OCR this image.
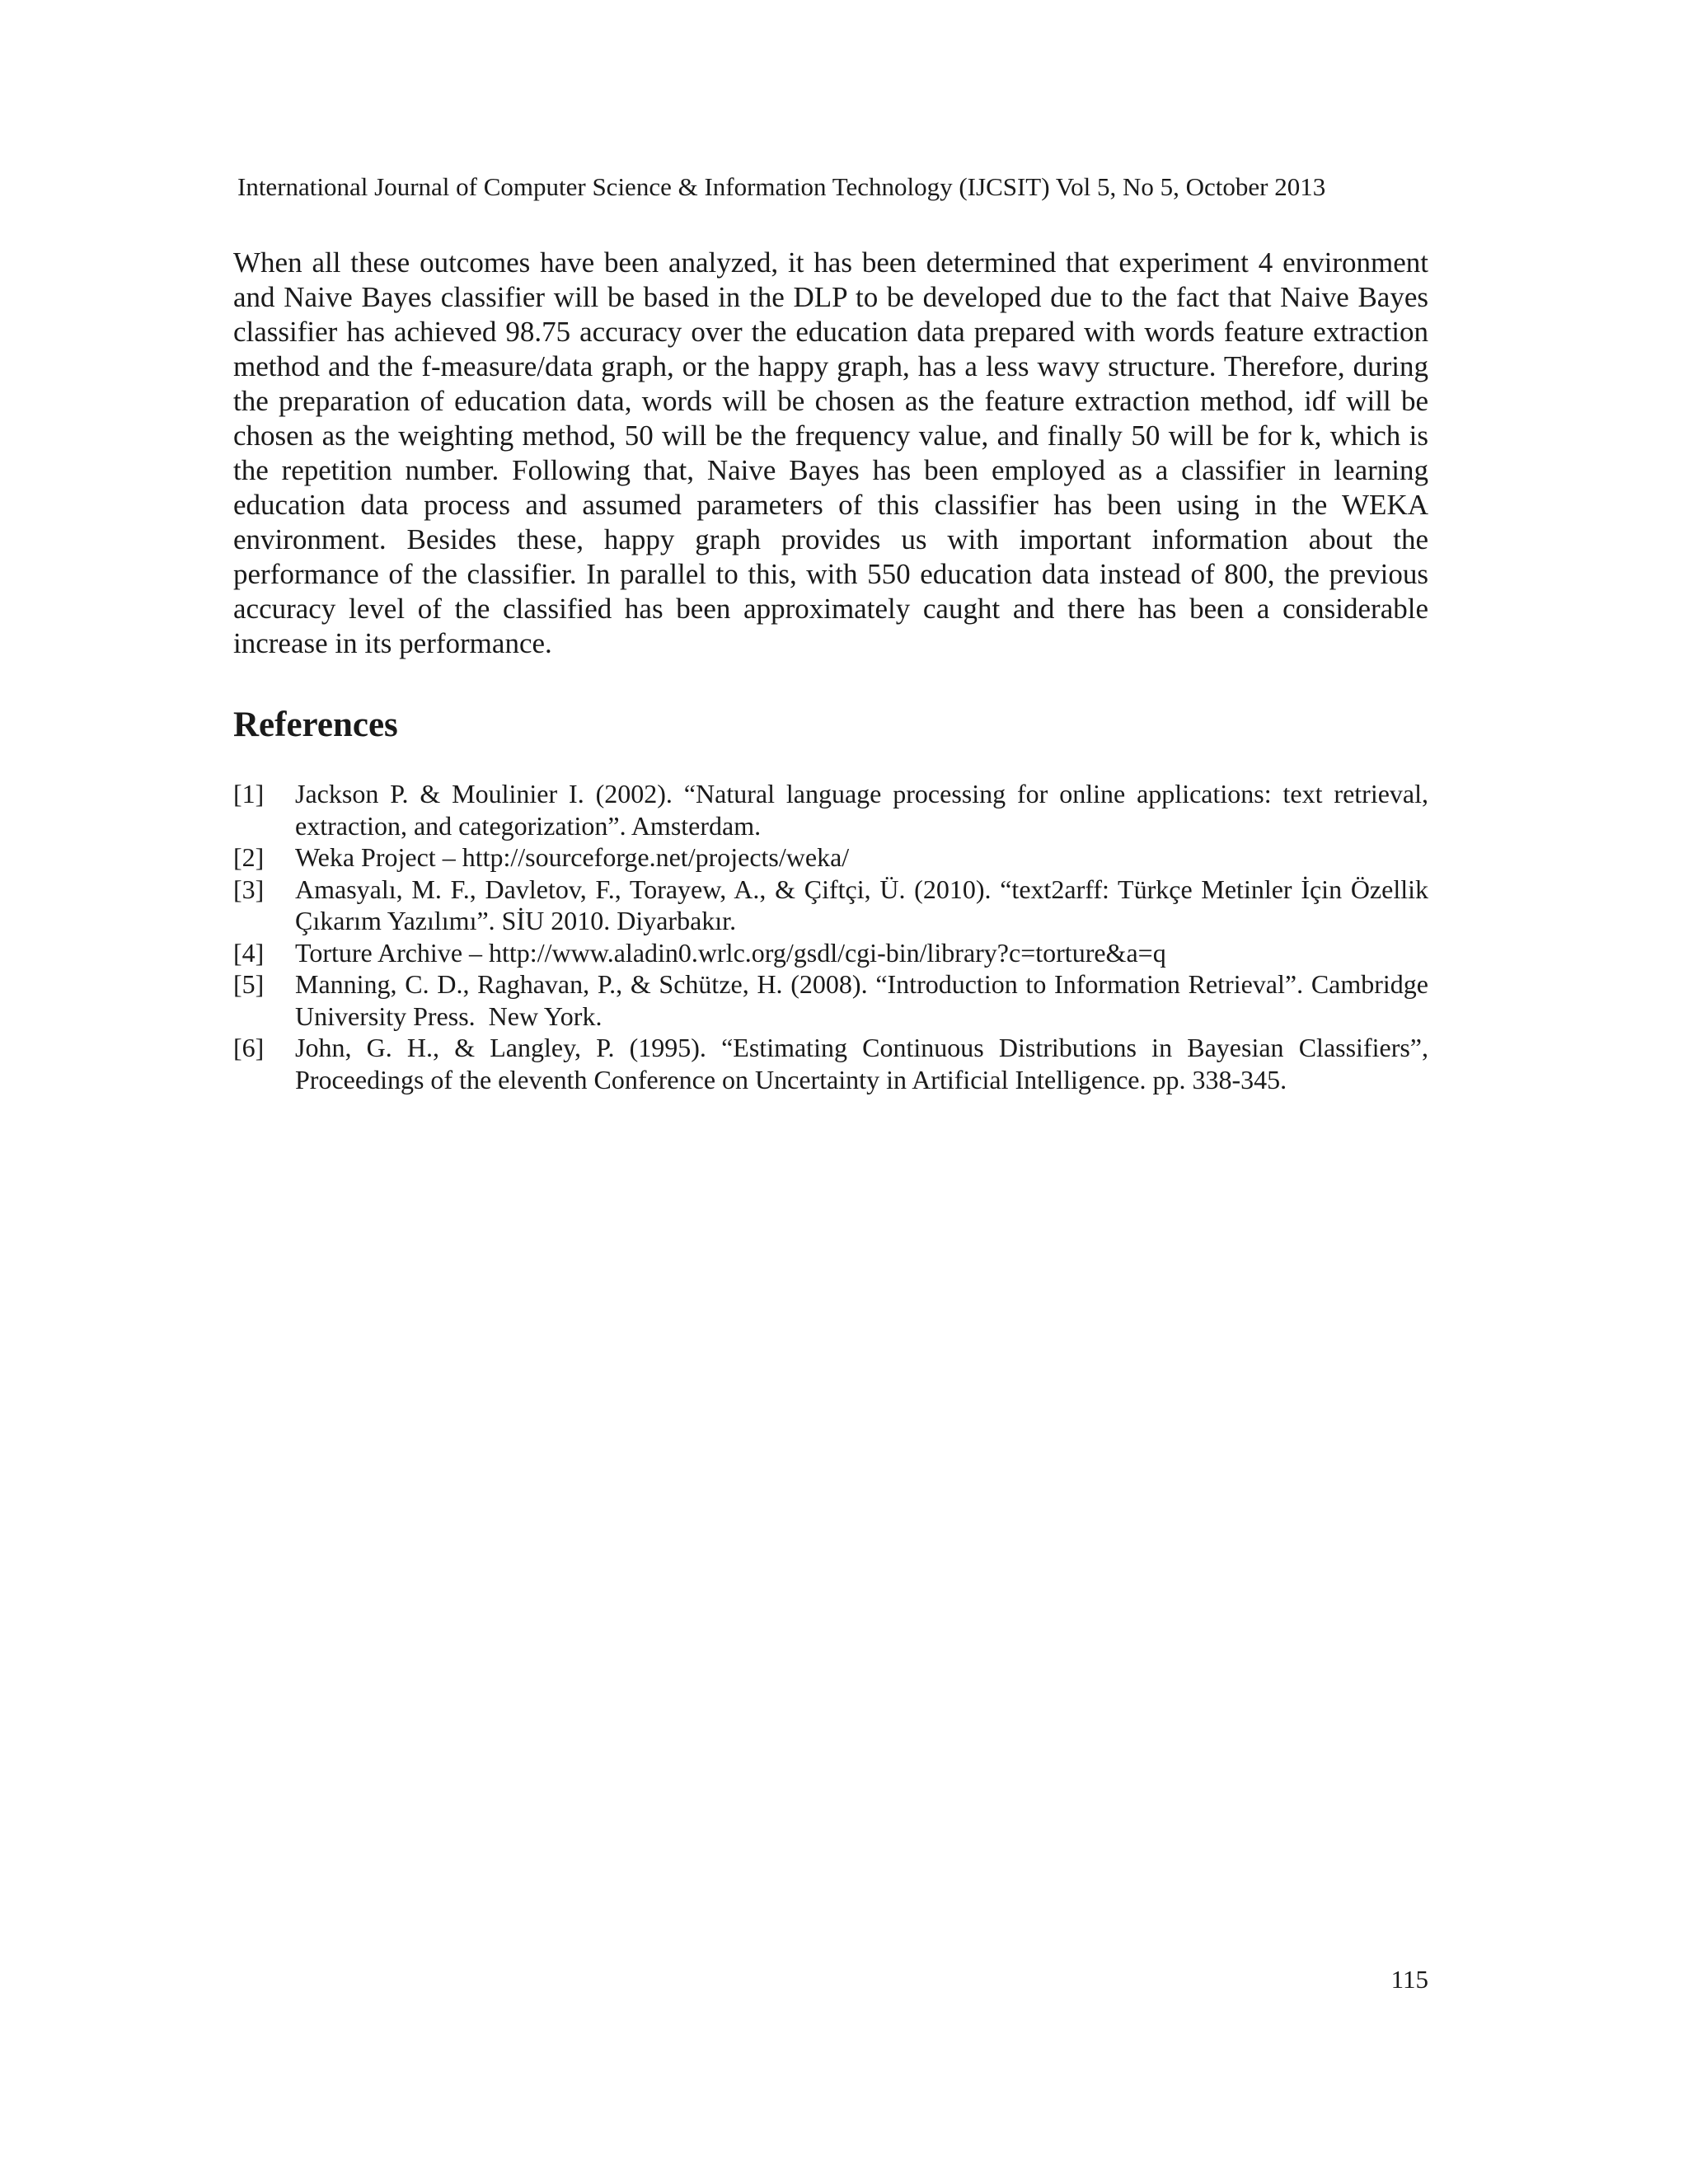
International Journal of Computer Science & Information Technology (IJCSIT) Vol 5, No 5, October 2013

When all these outcomes have been analyzed, it has been determined that experiment 4 environment and Naive Bayes classifier will be based in the DLP to be developed due to the fact that Naive Bayes classifier has achieved 98.75 accuracy over the education data prepared with words feature extraction method and the f-measure/data graph, or the happy graph, has a less wavy structure. Therefore, during the preparation of education data, words will be chosen as the feature extraction method, idf will be chosen as the weighting method, 50 will be the frequency value, and finally 50 will be for k, which is the repetition number. Following that, Naive Bayes has been employed as a classifier in learning education data process and assumed parameters of this classifier has been using in the WEKA environment. Besides these, happy graph provides us with important information about the performance of the classifier. In parallel to this, with 550 education data instead of 800, the previous accuracy level of the classified has been approximately caught and there has been a considerable increase in its performance.

References
[1]	Jackson P. & Moulinier I. (2002). “Natural language processing for online applications: text retrieval, extraction, and categorization”. Amsterdam.
[2]	Weka Project – http://sourceforge.net/projects/weka/
[3]	Amasyalı, M. F., Davletov, F., Torayew, A., & Çiftçi, Ü. (2010). “text2arff: Türkçe Metinler İçin Özellik      Çıkarım Yazılımı”. SİU 2010. Diyarbakır.
[4]	Torture Archive – http://www.aladin0.wrlc.org/gsdl/cgi-bin/library?c=torture&a=q
[5]	Manning, C. D., Raghavan, P., & Schütze, H. (2008). “Introduction to Information Retrieval”. Cambridge University Press.  New York.
[6]	John, G. H., & Langley, P. (1995). “Estimating Continuous Distributions in Bayesian Classifiers”, Proceedings of the eleventh Conference on Uncertainty in Artificial Intelligence. pp. 338-345.
115
